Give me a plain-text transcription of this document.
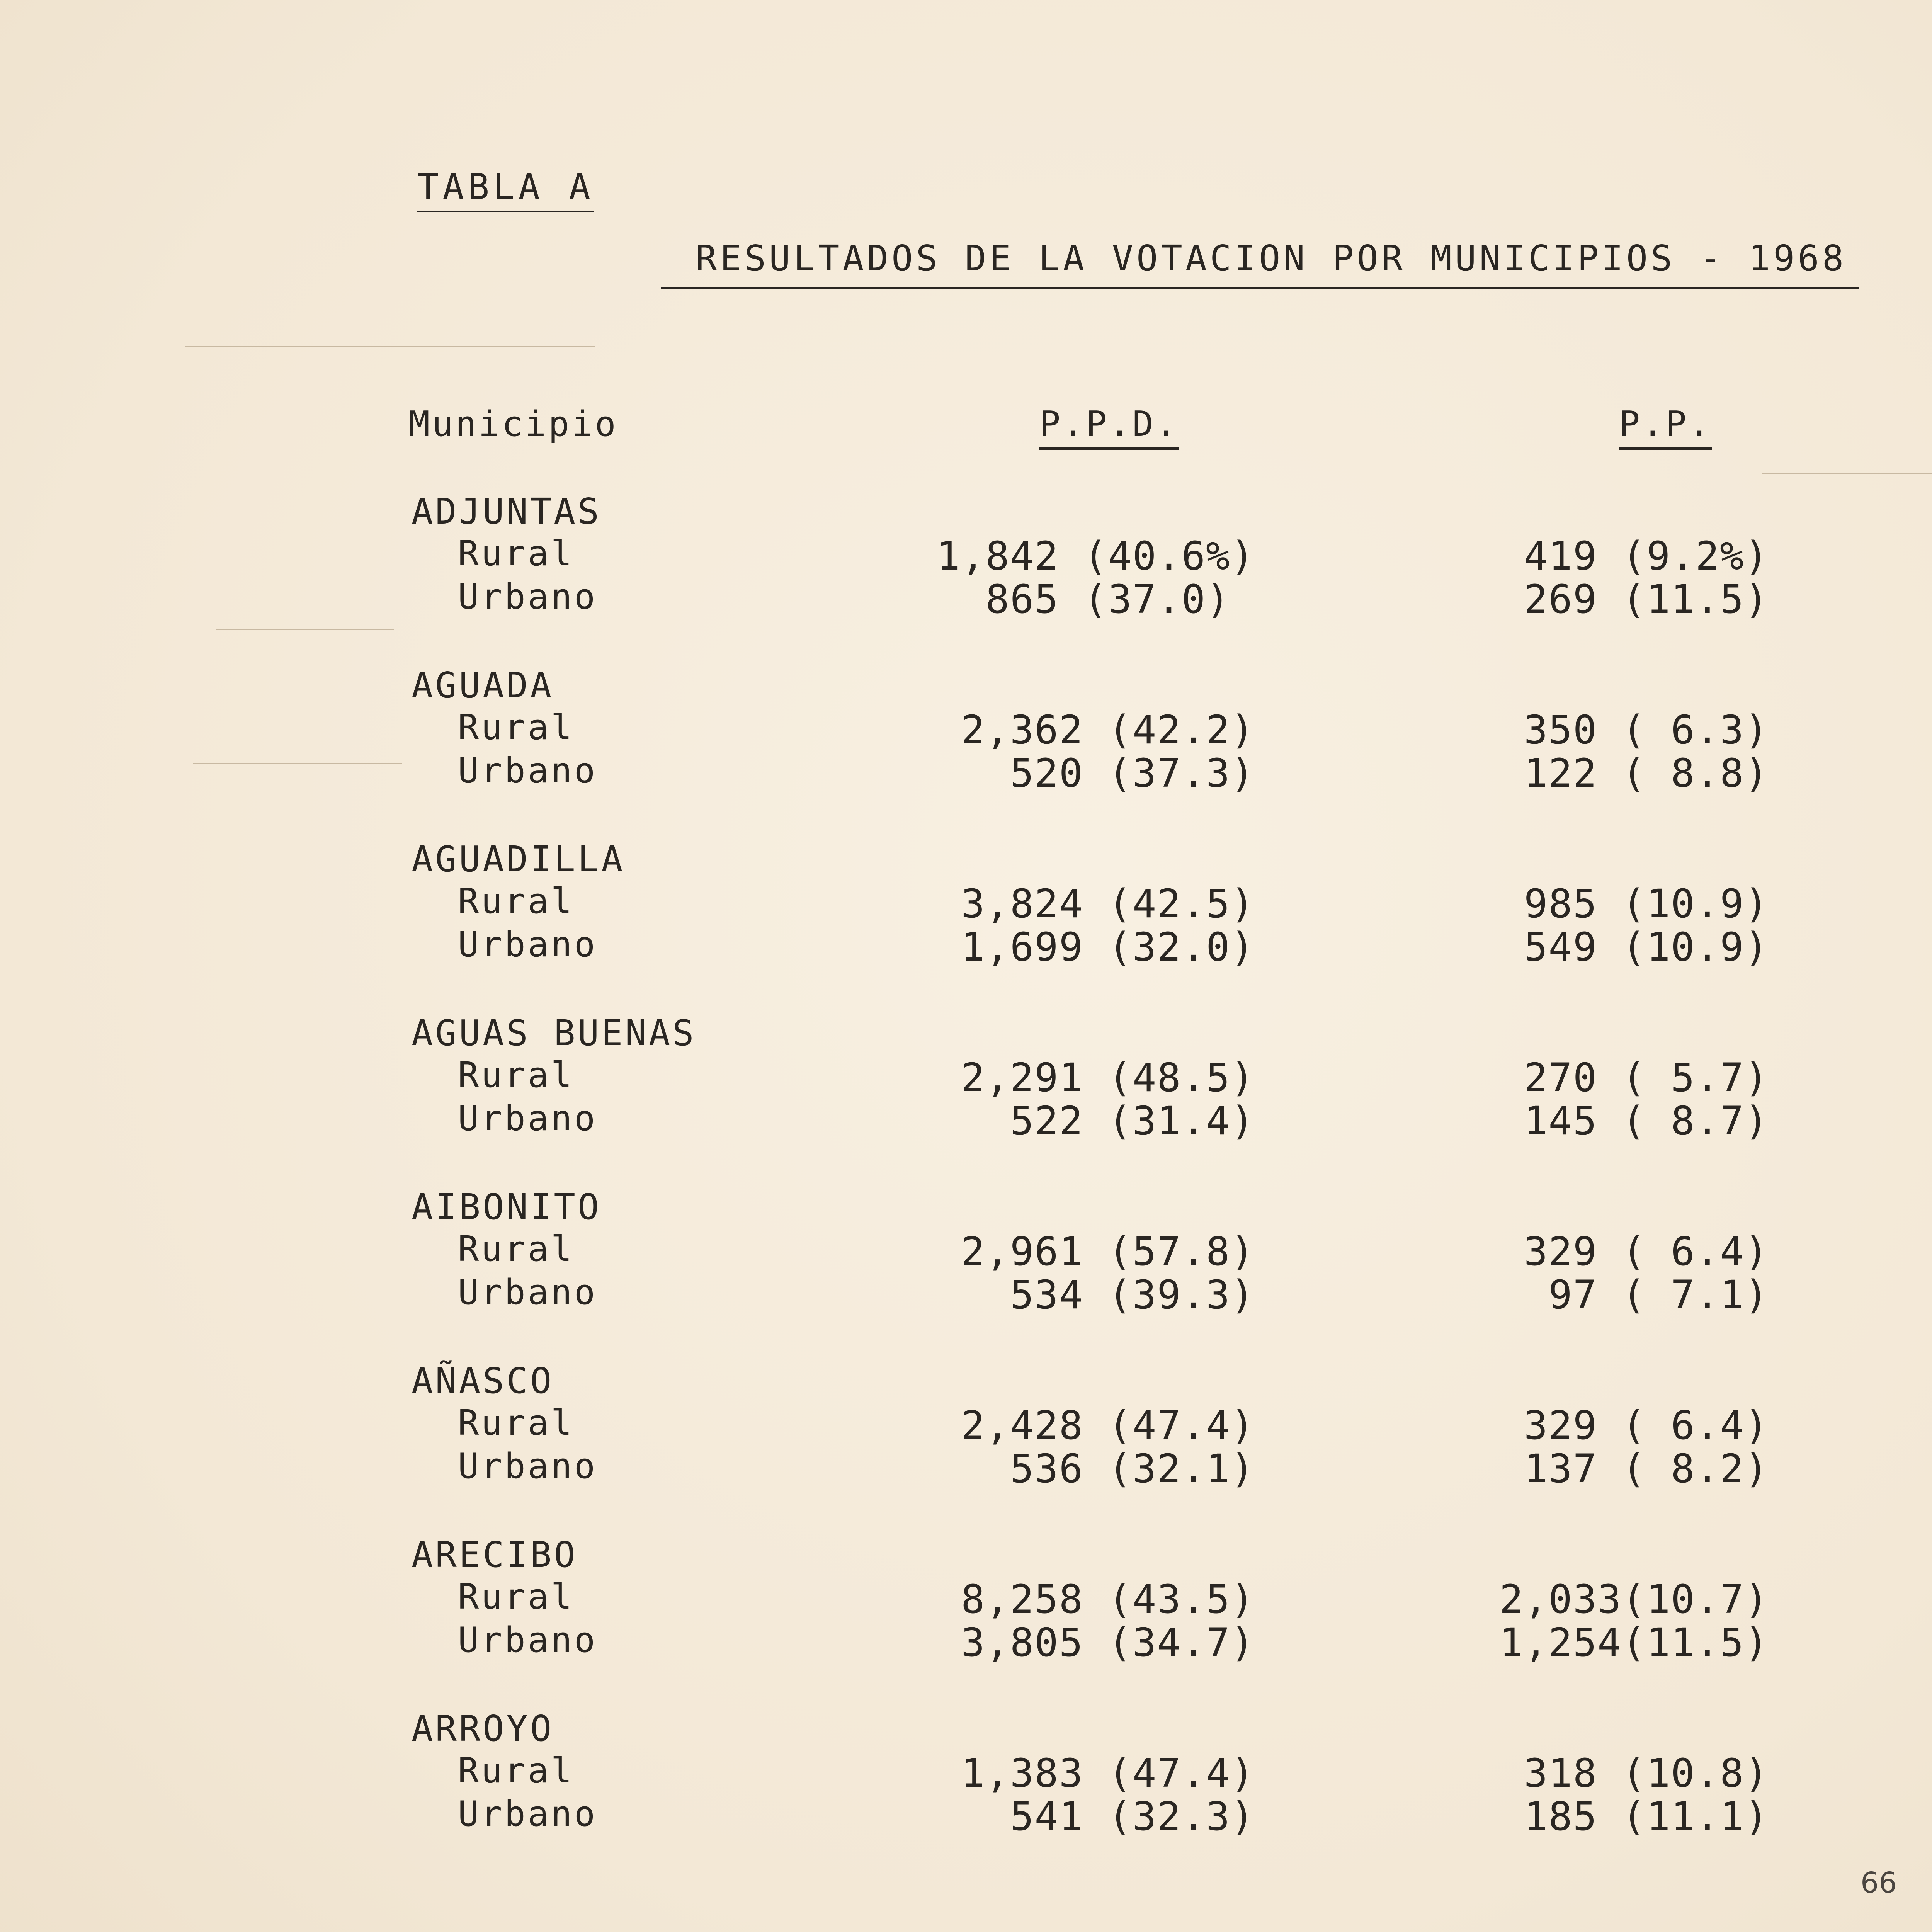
TABLA A
RESULTADOS DE LA VOTACION POR MUNICIPIOS - 1968
Municipio	P.P.D.	P.P.
ADJUNTAS
Rural	1,842 (40.6%)	419 (9.2%)
Urbano	865 (37.0)	269 (11.5)
AGUADA
Rural	2,362 (42.2)	350 ( 6.3)
Urbano	520 (37.3)	122 ( 8.8)
AGUADILLA
Rural	3,824 (42.5)	985 (10.9)
Urbano	1,699 (32.0)	549 (10.9)
AGUAS BUENAS
Rural	2,291 (48.5)	270 ( 5.7)
Urbano	522 (31.4)	145 ( 8.7)
AIBONITO
Rural	2,961 (57.8)	329 ( 6.4)
Urbano	534 (39.3)	97 ( 7.1)
AÑASCO
Rural	2,428 (47.4)	329 ( 6.4)
Urbano	536 (32.1)	137 ( 8.2)
ARECIBO
Rural	8,258 (43.5)	2,033(10.7)
Urbano	3,805 (34.7)	1,254(11.5)
ARROYO
Rural	1,383 (47.4)	318 (10.8)
Urbano	541 (32.3)	185 (11.1)
66
